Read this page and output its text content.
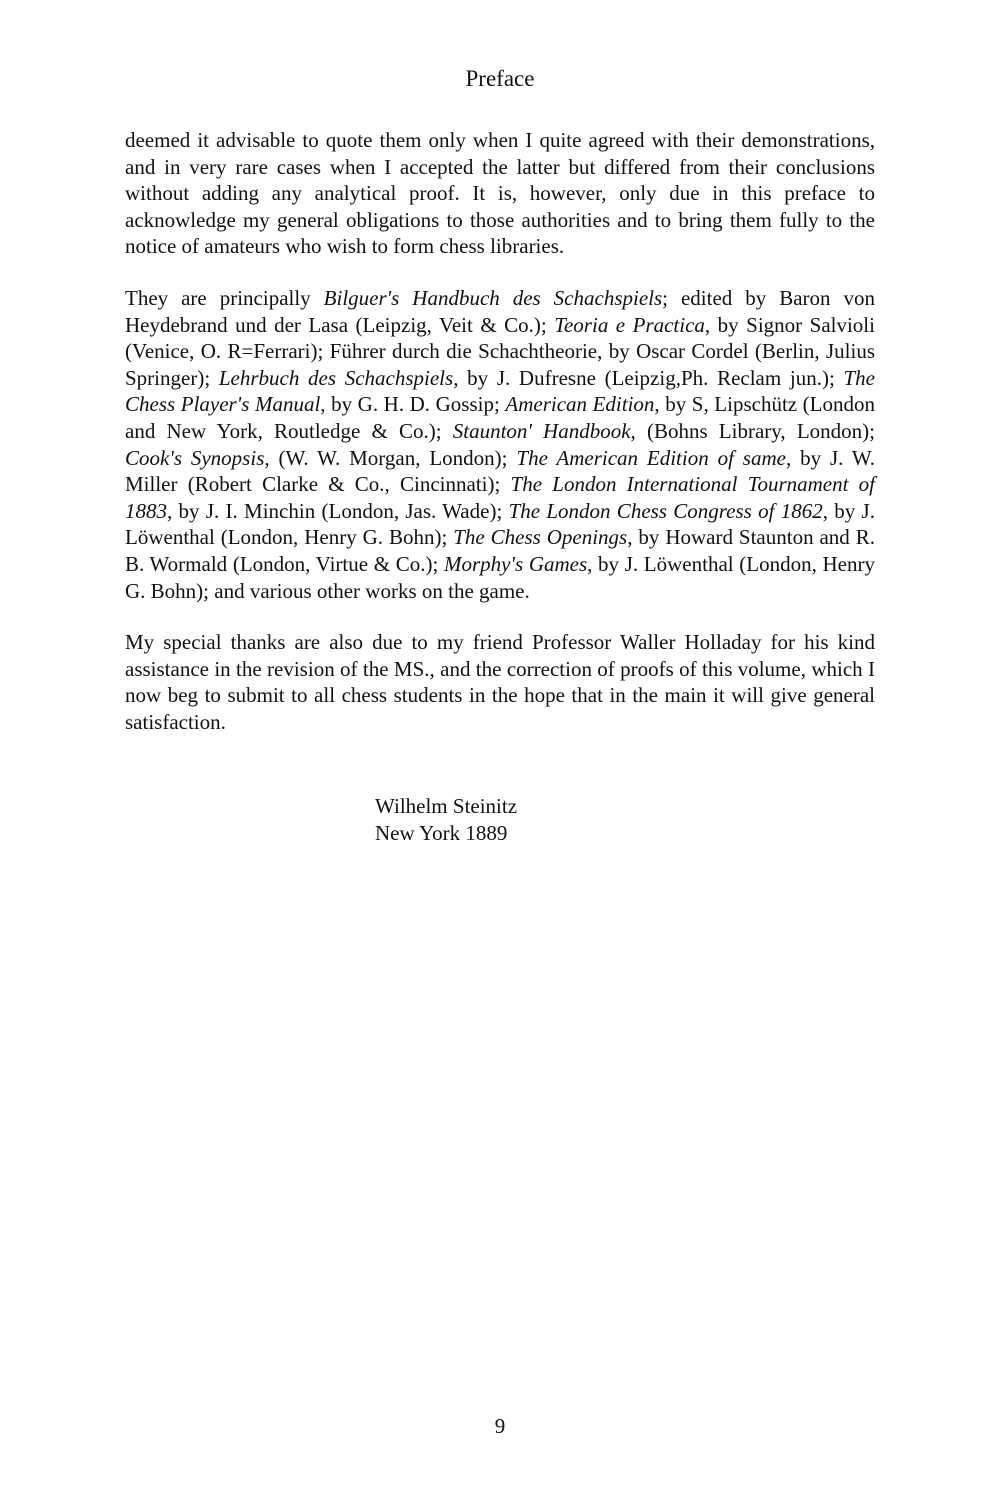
Preface

deemed it advisable to quote them only when I quite agreed with their demonstrations, and in very rare cases when I accepted the latter but differed from their conclusions without adding any analytical proof. It is, however, only due in this preface to acknowledge my general obligations to those authorities and to bring them fully to the notice of amateurs who wish to form chess libraries.

They are principally Bilguer's Handbuch des Schachspiels; edited by Baron von Heydebrand und der Lasa (Leipzig, Veit & Co.); Teoria e Practica, by Signor Salvioli (Venice, O. R=Ferrari); Führer durch die Schachtheorie, by Oscar Cordel (Berlin, Julius Springer); Lehrbuch des Schachspiels, by J. Dufresne (Leipzig,Ph. Reclam jun.); The Chess Player's Manual, by G. H. D. Gossip; American Edition, by S, Lipschütz (London and New York, Routledge & Co.); Staunton' Handbook, (Bohns Library, London); Cook's Synopsis, (W. W. Morgan, London); The American Edition of same, by J. W. Miller (Robert Clarke & Co., Cincinnati); The London International Tournament of 1883, by J. I. Minchin (London, Jas. Wade); The London Chess Congress of 1862, by J. Löwenthal (London, Henry G. Bohn); The Chess Openings, by Howard Staunton and R. B. Wormald (London, Virtue & Co.); Morphy's Games, by J. Löwenthal (London, Henry G. Bohn); and various other works on the game.

My special thanks are also due to my friend Professor Waller Holladay for his kind assistance in the revision of the MS., and the correction of proofs of this volume, which I now beg to submit to all chess students in the hope that in the main it will give general satisfaction.

Wilhelm Steinitz
New York 1889
9
